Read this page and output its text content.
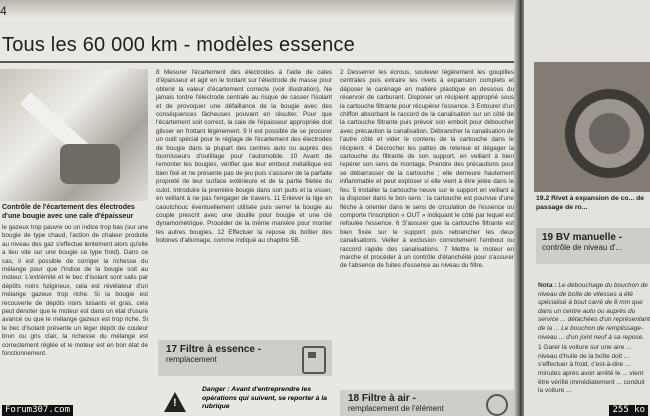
4
Tous les 60 000 km - modèles essence
Contrôle de l'écartement des électrodes d'une bougie avec une cale d'épaisseur
le gazeux trop pauvre ou un indice trop bas (sur une bougie de type chaud, l'action de chaleur produite au niveau des gaz s'effectue lentement alors qu'elle a lieu vite sur une bougie ce type froid). Dans ce cas, il est possible de corriger la richesse du mélange pour que l'indice de la bougie soit au moteur. L'extrémité et le bec d'isolant sont salis par dépôts noirs fuligineux, cela est révélateur d'un mélange gazeux trop riche. Si la bougie est recouverte de dépôts noirs luisants et gras, cela peut dénoter que le moteur est dans un état d'usure avancé ou que le mélange gazeux est trop riche. Si le bec d'isolant présente un léger dépôt de couleur brun ou gris clair, la richesse du mélange est correctement réglée et le moteur est en bon état de fonctionnement.
8 Mesurer l'écartement des électrodes à l'aide de cales d'épaisseur et agir en le tordant sur l'électrode de masse pour obtenir la valeur d'écartement correcte (voir illustration). Ne jamais tordre l'électrode centrale au risque de casser l'isolant et de provoquer une défaillance de la bougie avec des conséquences fâcheuses pouvant en résulter. Pour que l'écartement soit correct, la cale de l'épaisseur appropriée doit glisser en frottant légèrement. 9 Il est possible de se procurer un outil spécial pour le réglage de l'écartement des électrodes de bougie dans la plupart des centres auto ou auprès des fournisseurs d'outillage pour l'automobile. 10 Avant de remonter les bougies, vérifier que leur embout métallique est bien fixé et ne présente pas de jeu puis s'assurer de la parfaite propreté de leur surface extérieure et de la partie filetée du culot. Introduire la première bougie dans son puits et la visser, en veillant à ne pas l'engager de travers. 11 Enlever la tige en caoutchouc éventuellement utilisée puis serrer la bougie au couple prescrit avec une douille pour bougie et une clé dynamométrique. Procéder de la même manière pour monter les autres bougies. 12 Effectuer la repose du boîtier des bobines d'allumage, comme indiqué au chapitre 5B.
2 Desserrer les écrous, soulever légèrement les goupilles centrales puis extraire les rivets à expansion complets et déposer le carénage en matière plastique en dessous du réservoir de carburant. Disposer un récipient approprié sous la cartouche filtrante pour récupérer l'essence. 3 Entourer d'un chiffon absorbant le raccord de la canalisation sur un côté de la cartouche filtrante puis prévoir son emboît pour déboucher avec précaution la canalisation. Débrancher la canalisation de l'autre côté et vider le contenu de la cartouche dans le récipient. 4 Décrocher les pattes de retenue et dégager la cartouche du filtrante de son support, en veillant à bien repérer son sens de montage. Prendre des précautions pour se débarrasser de la cartouche ; elle demeure hautement inflammable et peut exploser si elle vient à être jetée dans le feu. 5 Installer la cartouche neuve sur le support en veillant à la disposer dans le bon sens : la cartouche est pourvue d'une flèche à orienter dans le sens de circulation de l'essence ou comporte l'inscription « OUT » indiquant le côté par lequel est refoulée l'essence. 6 S'assurer que la cartouche filtrante est bien fixée sur le support puis rebrancher les deux canalisations. Veiller à exclusion correctement l'embout ou raccord rapide des canalisations. 7 Mettre le moteur en marche et procéder à un contrôle d'étanchéité pour s'assurer de l'absence de fuites d'essence au niveau du filtre.
17 Filtre à essence -
remplacement
!
Danger : Avant d'entreprendre les opérations qui suivent, se reporter à la rubrique
18 Filtre à air -
remplacement de l'élément
19.2 Rivet à expansion de co... de passage de ro...
19 BV manuelle -
contrôle de niveau d'...
Nota : Le débouchage du bouchon de niveau de boîte de vitesses a été spécialisé à bout carré de 8 mm que dans un centre auto ou auprès du service ... détachées d'un représentant de la ... Le bouchon de remplissage-niveau ... d'un joint neuf à sa repose.
1 Garer la voiture sur une aire ... niveau d'huile de la boîte doit ... s'effectuer à froid, c'est-à-dire ... minutes après avoir arrêté le ... vient être vérifié immédiatement ... conduit la voiture ...
Forum307.com	255 ko
